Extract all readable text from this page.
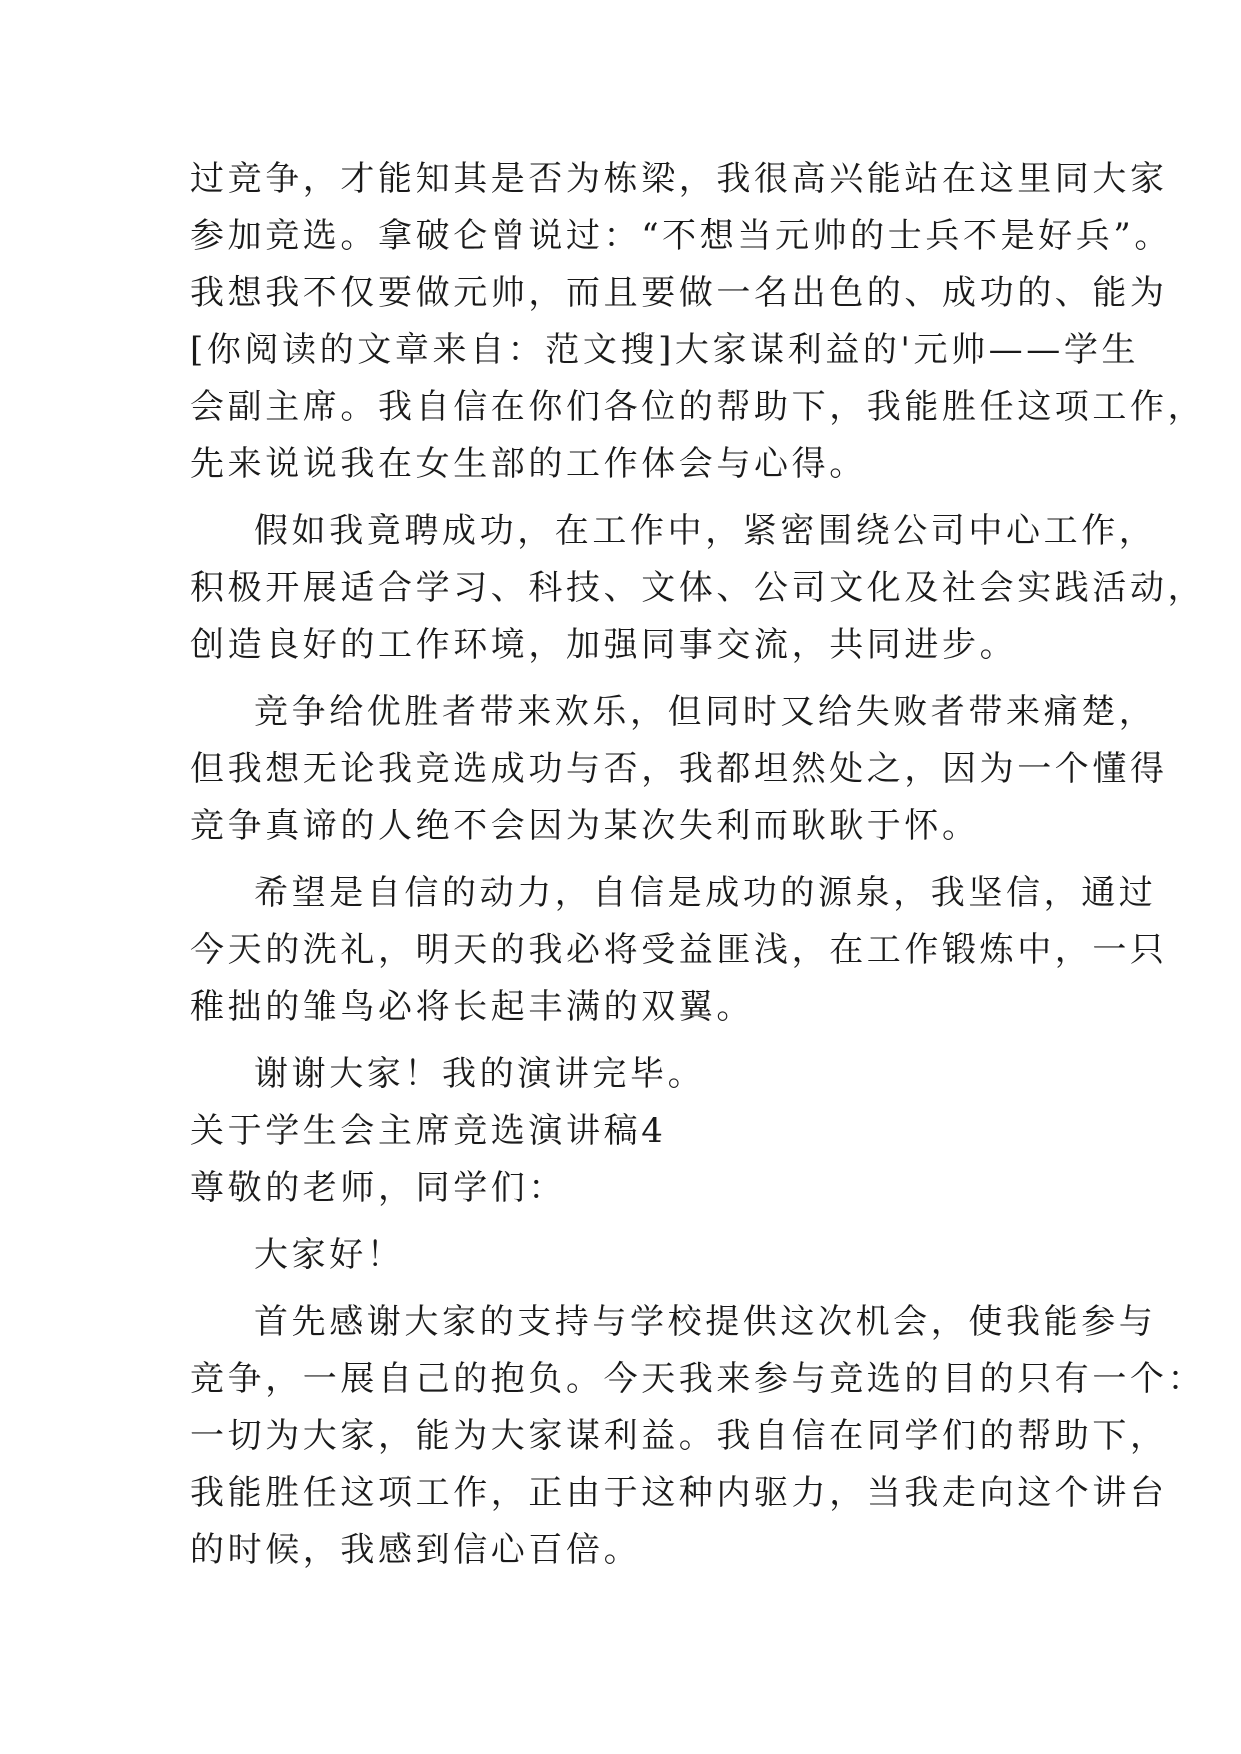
过竞争，才能知其是否为栋梁，我很高兴能站在这里同大家
参加竞选。拿破仑曾说过：“不想当元帅的士兵不是好兵”。
我想我不仅要做元帅，而且要做一名出色的、成功的、能为
[你阅读的文章来自：范文搜]大家谋利益的'元帅——学生
会副主席。我自信在你们各位的帮助下，我能胜任这项工作，
先来说说我在女生部的工作体会与心得。
假如我竟聘成功，在工作中，紧密围绕公司中心工作，
积极开展适合学习、科技、文体、公司文化及社会实践活动，
创造良好的工作环境，加强同事交流，共同进步。
竞争给优胜者带来欢乐，但同时又给失败者带来痛楚，
但我想无论我竞选成功与否，我都坦然处之，因为一个懂得
竞争真谛的人绝不会因为某次失利而耿耿于怀。
希望是自信的动力，自信是成功的源泉，我坚信，通过
今天的洗礼，明天的我必将受益匪浅，在工作锻炼中，一只
稚拙的雏鸟必将长起丰满的双翼。
谢谢大家！我的演讲完毕。
关于学生会主席竞选演讲稿4
尊敬的老师，同学们：
大家好！
首先感谢大家的支持与学校提供这次机会，使我能参与
竞争，一展自己的抱负。今天我来参与竞选的目的只有一个：
一切为大家，能为大家谋利益。我自信在同学们的帮助下，
我能胜任这项工作，正由于这种内驱力，当我走向这个讲台
的时候，我感到信心百倍。
